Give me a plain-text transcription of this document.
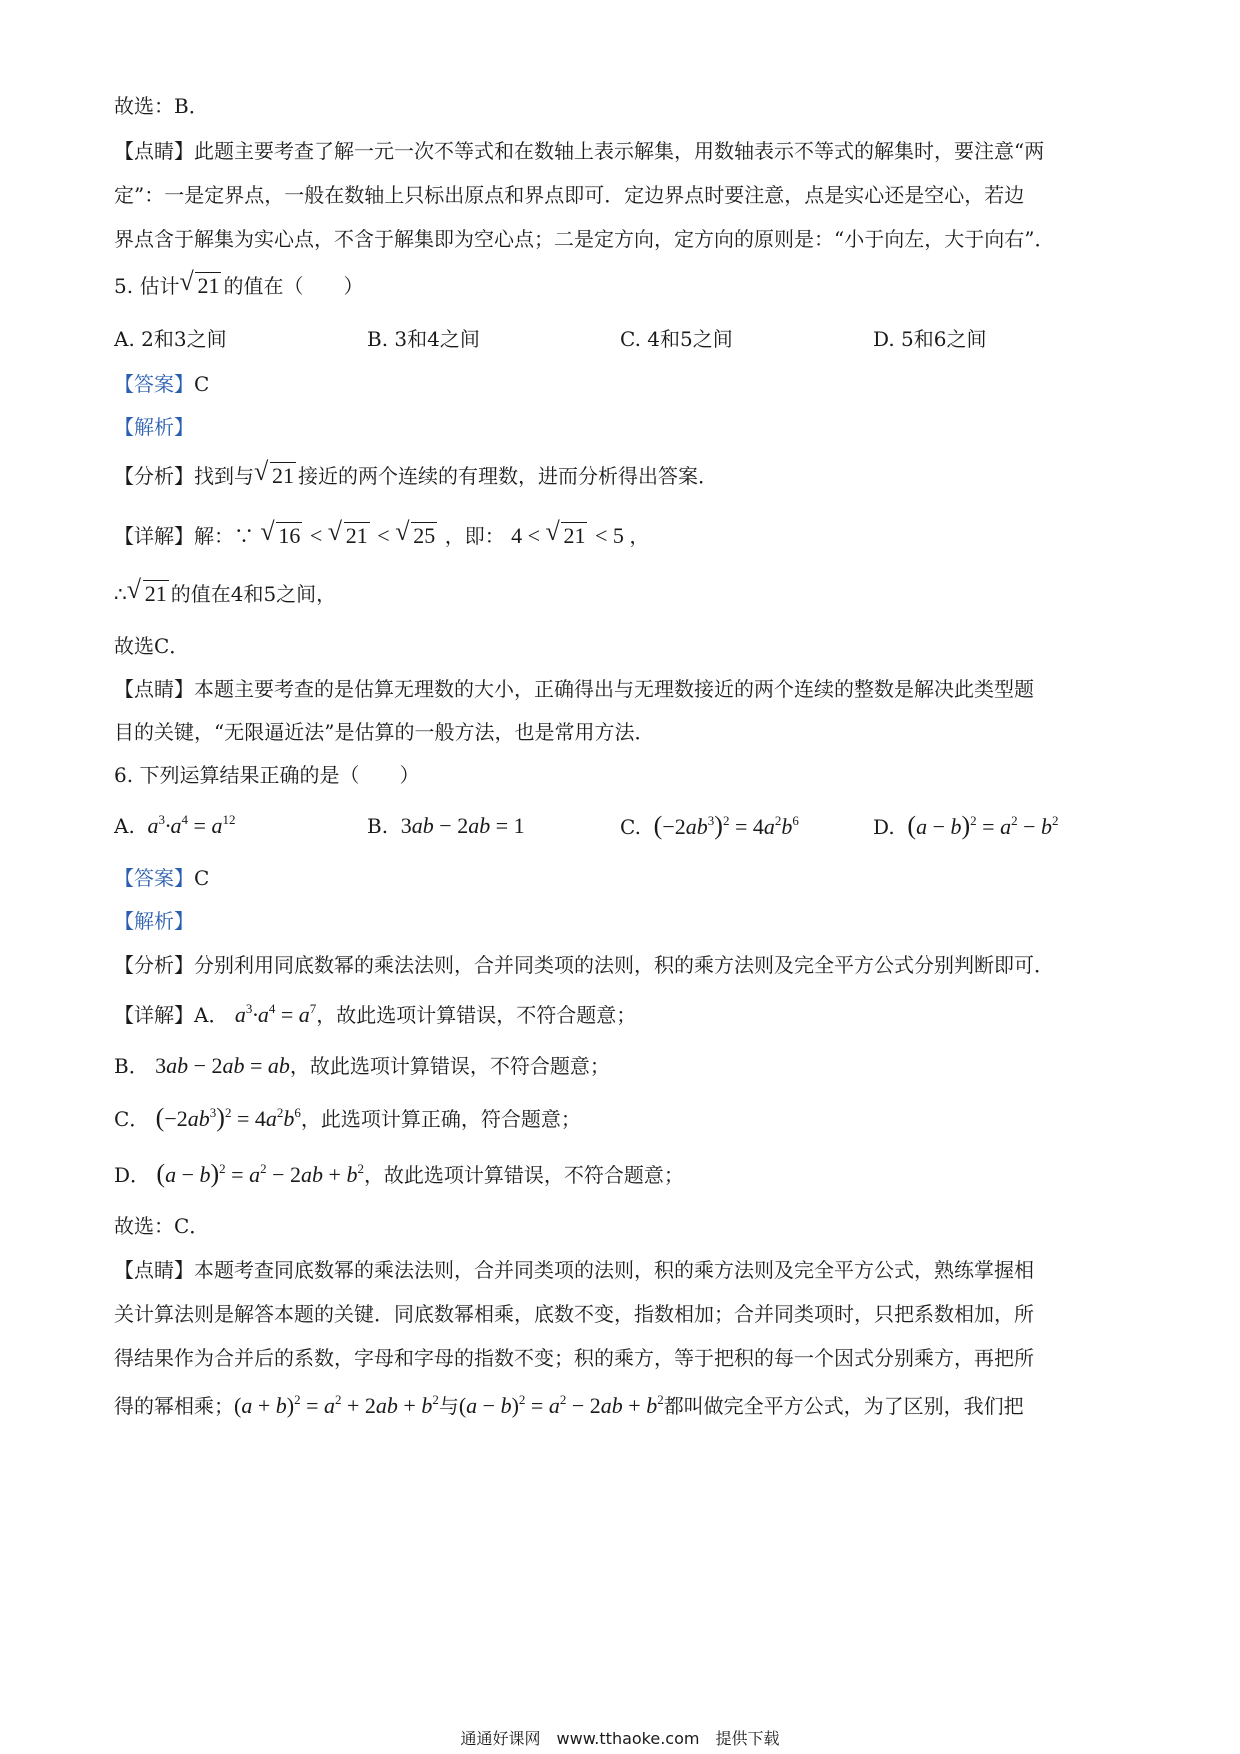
故选：B．
【点睛】此题主要考查了解一元一次不等式和在数轴上表示解集，用数轴表示不等式的解集时，要注意“两
定”：一是定界点，一般在数轴上只标出原点和界点即可．定边界点时要注意，点是实心还是空心，若边
界点含于解集为实心点，不含于解集即为空心点；二是定方向，定方向的原则是：“小于向左，大于向右”．
5. 估计 √ 21 的值在（　　）
A. 2和3之间	B. 3和4之间	C. 4和5之间	D. 5和6之间
【答案】C
【解析】
【分析】找到与 √ 21 接近的两个连续的有理数，进而分析得出答案．
【详解】解：∵ √ 16 < √ 21 < √ 25 ，即： 4 < √ 21 < 5 ，
∴ √ 21 的值在4和5之间，
故选C．
【点睛】本题主要考查的是估算无理数的大小，正确得出与无理数接近的两个连续的整数是解决此类型题
目的关键，“无限逼近法”是估算的一般方法，也是常用方法．
6. 下列运算结果正确的是（　　）
A. $a^3\cdot a^4 = a^{12}$	B. 3ab − 2ab = 1	C. $(-2ab^3)^2 = 4a^2b^6$	D. $(a - b)^2 = a^2 - b^2$
【答案】C
【解析】
【分析】分别利用同底数幂的乘法法则，合并同类项的法则，积的乘方法则及完全平方公式分别判断即可．
【详解】A． $a^3\cdot a^4 = a^7$，故此选项计算错误，不符合题意；
B． 3ab − 2ab = ab，故此选项计算错误，不符合题意；
C． $(-2ab^3)^2 = 4a^2b^6$，此选项计算正确，符合题意；
D． $(a - b)^2 = a^2 - 2ab + b^2$，故此选项计算错误，不符合题意；
故选：C．
【点睛】本题考查同底数幂的乘法法则，合并同类项的法则，积的乘方法则及完全平方公式，熟练掌握相
关计算法则是解答本题的关键．同底数幂相乘，底数不变，指数相加；合并同类项时，只把系数相加，所
得结果作为合并后的系数，字母和字母的指数不变；积的乘方，等于把积的每一个因式分别乘方，再把所
得的幂相乘；$(a + b)^2 = a^2 + 2ab + b^2$与$(a - b)^2 = a^2 - 2ab + b^2$都叫做完全平方公式，为了区别，我们把
通通好课网　www.tthaoke.com　提供下载
